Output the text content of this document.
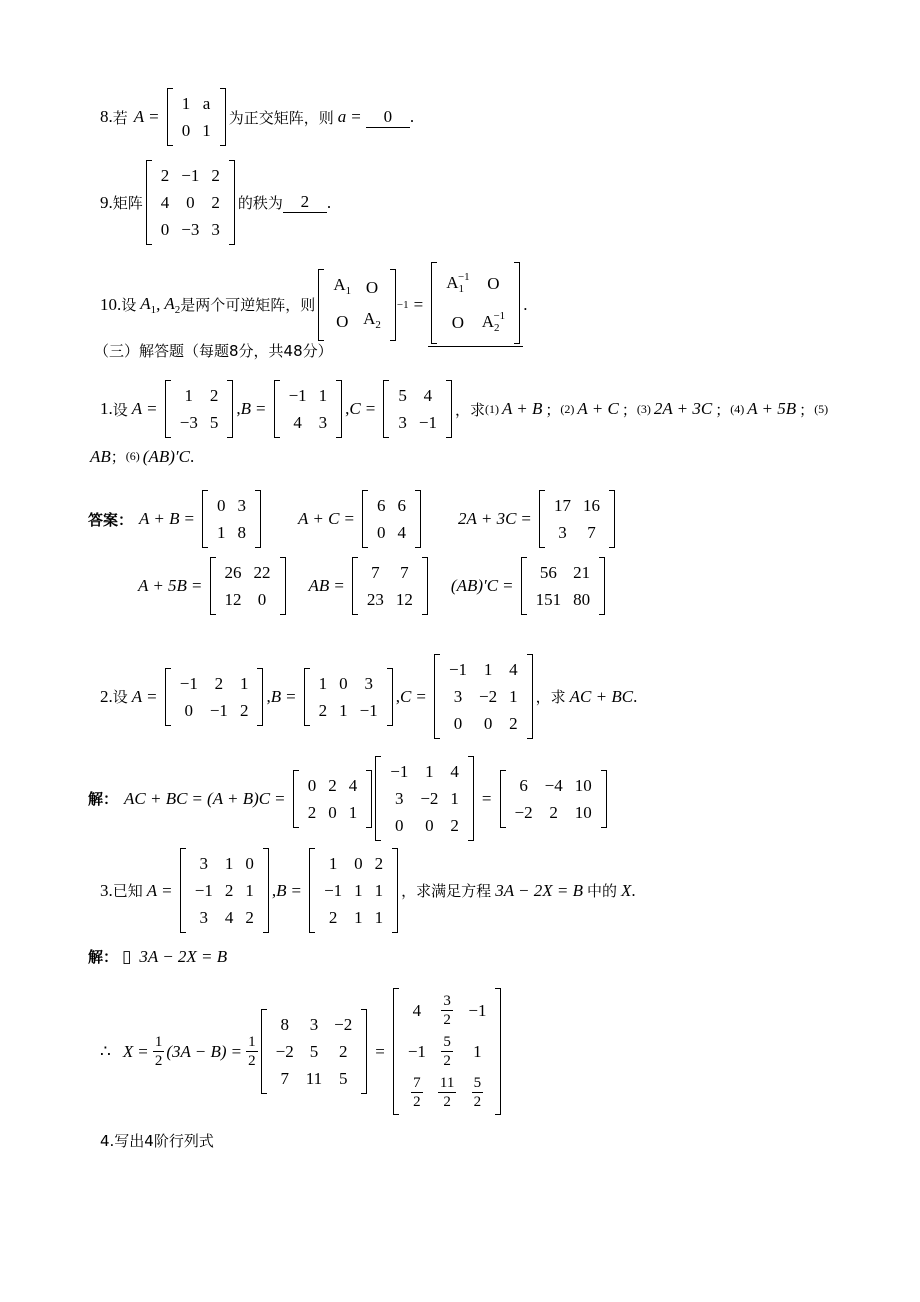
8. 若 A =
1 a
0 1
为正交矩阵，则 a =	0	.
9. 矩阵
2 −1 2
4 0 2
0 −3 3
的秩为	2	.
10. 设 $A_1$ , $A_2$ 是两个可逆矩阵，则
$A_1$ O
O $A_2$
−1 =
$A_1^{-1}$	O
O	$A_2^{-1}$
.
（三）解答题（每题8分，共48分）
1. 设 A =
1 2
−3 5
, B =
−1 1
4 3
, C =
5 4
3 −1
，求 (1) A + B ； (2) A + C ； (3) 2A + 3C ； (4) A + 5B ； (5)
AB ； (6) (AB)′C .
答案： A + B =
0 3
1 8
A + C =
6 6
0 4
2A + 3C =
17 16
3	7
A + 5B =
26 22
12 0
AB =
7	7
23 12
(AB)′C =
56 21
151 80
2. 设 A =
−1 2 1
0 −1 2
, B =
1 0 3
2 1 −1
, C =
−1 1 4
3 −2 1
0	0 2
，求 AC + BC .
解： AC + BC = (A + B)C =
0 2 4
2 0 1
−1 1 4
3 −2 1
0	0 2
=
6 −4 10
−2 2 10
3. 已知 A =
3 1 0
−1 2 1
3 4 2
, B =
1 0 2
−1 1 1
2 1 1
，求满足方程 3A − 2X = B 中的 X .
解： ▯ 3A − 2X = B
∴ $X = \frac{1}{2} (3A - B) = \frac{1}{2}$
8	3 −2
−2 5	2
7 11 5
=
4	$\frac{3}{2} -1$
−1	$\frac{5}{2}$	1
$\frac{7}{2} \frac{11}{2} \frac{5}{2}$
4.写出4阶行列式
